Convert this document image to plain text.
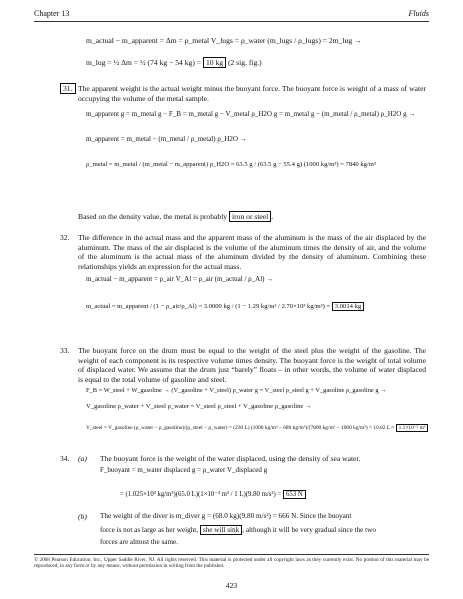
Chapter 13	Fluids
m_actual − m_apparent = Δm = ρ_metal V_lugs = ρ_water (m_lugs / ρ_lugs) = 2m_lug →
m_lug = ½ Δm = ½ (74 kg − 54 kg) = 10 kg (2 sig. fig.)
31. The apparent weight is the actual weight minus the buoyant force. The buoyant force is weight of a mass of water occupying the volume of the metal sample.
m_apparent g = m_metal g − F_B = m_metal g − V_metal ρ_H2O g = m_metal g − (m_metal / ρ_metal) ρ_H2O g →
m_apparent = m_metal − (m_metal / ρ_metal) ρ_H2O →
ρ_metal = m_metal / (m_metal − m_apparent) ρ_H2O = 63.5 g / (63.5 g − 55.4 g) (1000 kg/m³) = 7840 kg/m³
Based on the density value, the metal is probably iron or steel .
32. The difference in the actual mass and the apparent mass of the aluminum is the mass of the air displaced by the aluminum. The mass of the air displaced is the volume of the aluminum times the density of air, and the volume of the aluminum is the actual mass of the aluminum divided by the density of aluminum. Combining these relationships yields an expression for the actual mass.
m_actual − m_apparent = ρ_air V_Al = ρ_air (m_actual / ρ_Al) →
m_actual = m_apparent / (1 − ρ_air/ρ_Al) = 3.0000 kg / (1 − 1.29 kg/m³ / 2.70×10³ kg/m³) = 3.0014 kg
33. The buoyant force on the drum must be equal to the weight of the steel plus the weight of the gasoline. The weight of each component is its respective volume times density. The buoyant force is the weight of total volume of displaced water. We assume that the drum just “barely” floats – in other words, the volume of water displaced is equal to the total volume of gasoline and steel.
F_B = W_steel + W_gasoline → (V_gasoline + V_steel) ρ_water g = V_steel ρ_steel g + V_gasoline ρ_gasoline g →
V_gasoline ρ_water + V_steel ρ_water = V_steel ρ_steel + V_gasoline ρ_gasoline →
V_steel = V_gasoline (ρ_water − ρ_gasoline)/(ρ_steel − ρ_water) = (230 L) (1000 kg/m³ − 680 kg/m³)/(7800 kg/m³ − 1000 kg/m³) = 10.82 L ≈ 1.1×10⁻² m³
34. (a) The buoyant force is the weight of the water displaced, using the density of sea water.
F_buoyant = m_water displaced g = ρ_water V_displaced g
= (1.025×10³ kg/m³)(65.0 L)(1×10⁻³ m³ / 1 L)(9.80 m/s²) = 653 N
(b) The weight of the diver is m_diver g = (68.0 kg)(9.80 m/s²) = 666 N. Since the buoyant
force is not as large as her weight, she will sink , although it will be very gradual since the two
forces are almost the same.
© 2008 Pearson Education, Inc., Upper Saddle River, NJ. All rights reserved. This material is protected under all copyright laws as they currently exist. No portion of this material may be reproduced, in any form or by any means, without permission in writing from the publisher.
423
